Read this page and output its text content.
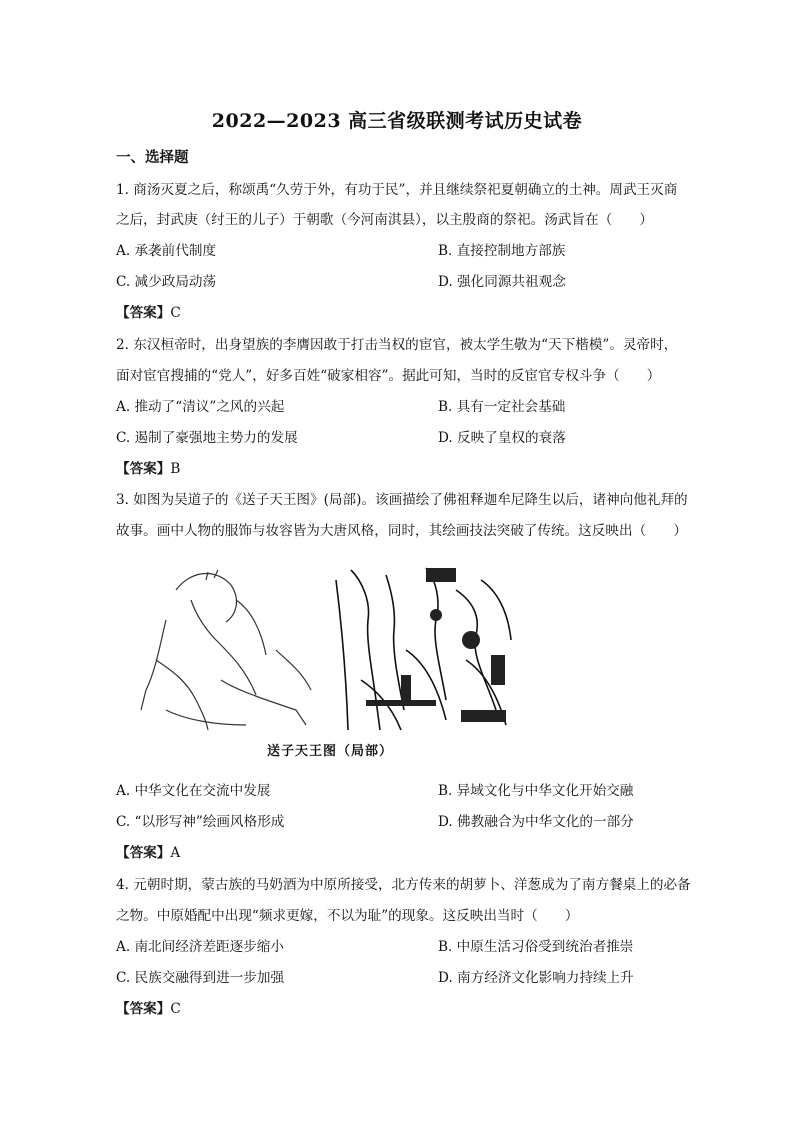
2022—2023 高三省级联测考试历史试卷
一、选择题
1. 商汤灭夏之后，称颂禹“久劳于外，有功于民”，并且继续祭祀夏朝确立的土神。周武王灭商
之后，封武庚（纣王的儿子）于朝歌（今河南淇县），以主殷商的祭祀。汤武旨在（　　）
A. 承袭前代制度	B. 直接控制地方部族
C. 减少政局动荡	D. 强化同源共祖观念
【答案】C
2. 东汉桓帝时，出身望族的李膺因敢于打击当权的宦官，被太学生敬为“天下楷模”。灵帝时，
面对宦官搜捕的“党人”，好多百姓“破家相容”。据此可知，当时的反宦官专权斗争（　　）
A. 推动了“清议”之风的兴起	B. 具有一定社会基础
C. 遏制了豪强地主势力的发展	D. 反映了皇权的衰落
【答案】B
3. 如图为吴道子的《送子天王图》(局部)。该画描绘了佛祖释迦牟尼降生以后，诸神向他礼拜的
故事。画中人物的服饰与妆容皆为大唐风格，同时，其绘画技法突破了传统。这反映出（　　）
送子天王图（局部）
A. 中华文化在交流中发展	B. 异域文化与中华文化开始交融
C. “以形写神”绘画风格形成	D. 佛教融合为中华文化的一部分
【答案】A
4. 元朝时期，蒙古族的马奶酒为中原所接受，北方传来的胡萝卜、洋葱成为了南方餐桌上的必备
之物。中原婚配中出现“频求更嫁，不以为耻”的现象。这反映出当时（　　）
A. 南北间经济差距逐步缩小	B. 中原生活习俗受到统治者推崇
C. 民族交融得到进一步加强	D. 南方经济文化影响力持续上升
【答案】C
